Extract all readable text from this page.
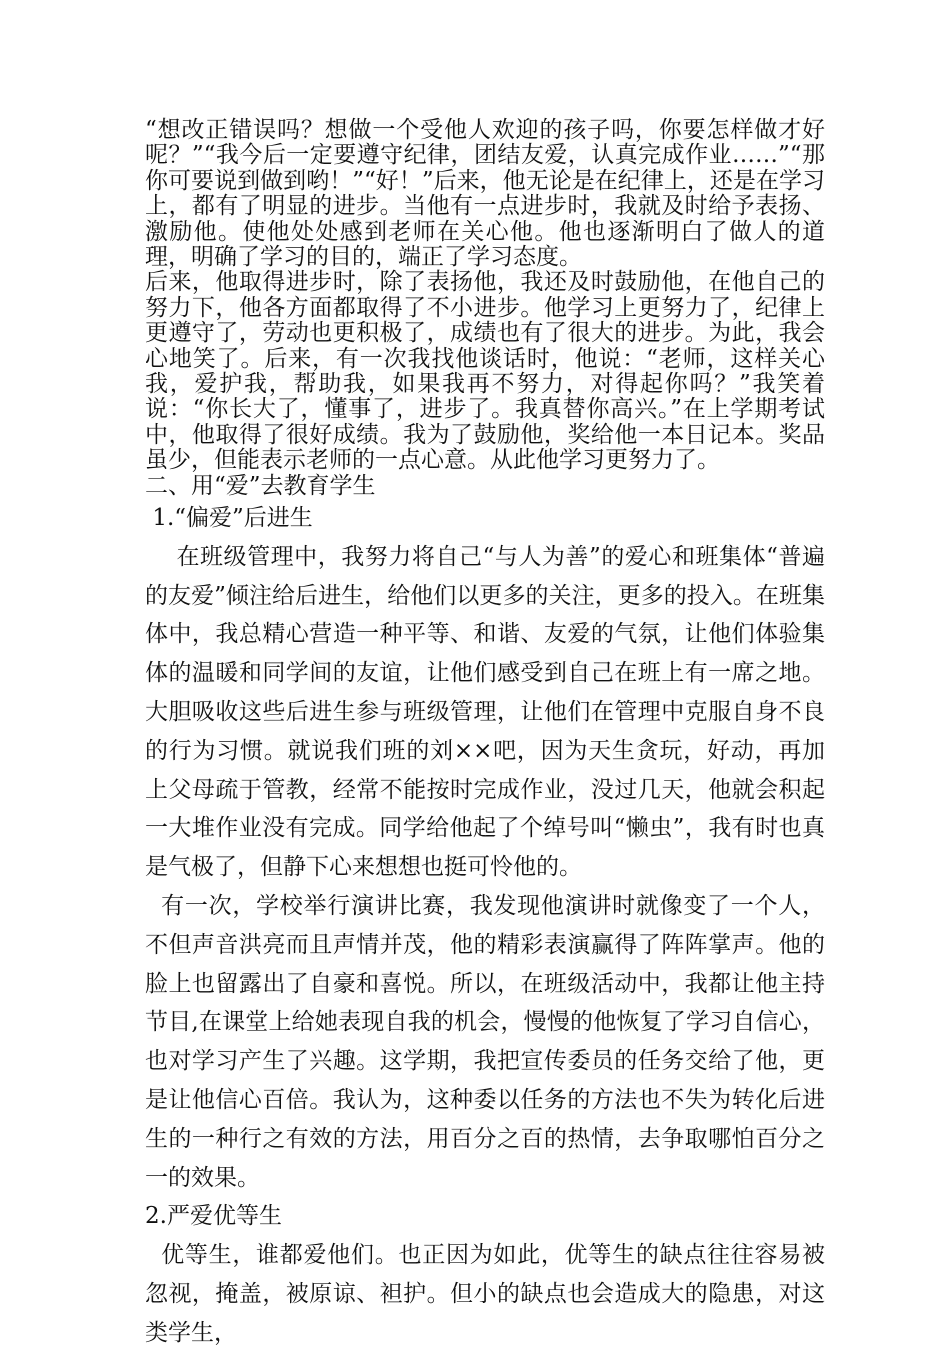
“想改正错误吗？想做一个受他人欢迎的孩子吗，你要怎样做才好呢？”“我今后一定要遵守纪律，团结友爱，认真完成作业……”“那你可要说到做到哟！”“好！”后来，他无论是在纪律上，还是在学习上，都有了明显的进步。当他有一点进步时，我就及时给予表扬、激励他。使他处处感到老师在关心他。他也逐渐明白了做人的道理，明确了学习的目的，端正了学习态度。

后来，他取得进步时，除了表扬他，我还及时鼓励他，在他自己的努力下，他各方面都取得了不小进步。他学习上更努力了，纪律上更遵守了，劳动也更积极了，成绩也有了很大的进步。为此，我会心地笑了。后来，有一次我找他谈话时，他说：“老师，这样关心我，爱护我，帮助我，如果我再不努力，对得起你吗？”我笑着说：“你长大了，懂事了，进步了。我真替你高兴。”在上学期考试中，他取得了很好成绩。我为了鼓励他，奖给他一本日记本。奖品虽少，但能表示老师的一点心意。从此他学习更努力了。

二、用“爱”去教育学生

1.“偏爱”后进生

在班级管理中，我努力将自己“与人为善”的爱心和班集体“普遍的友爱”倾注给后进生，给他们以更多的关注，更多的投入。在班集体中，我总精心营造一种平等、和谐、友爱的气氛，让他们体验集体的温暖和同学间的友谊，让他们感受到自己在班上有一席之地。大胆吸收这些后进生参与班级管理，让他们在管理中克服自身不良的行为习惯。就说我们班的刘××吧，因为天生贪玩，好动，再加上父母疏于管教，经常不能按时完成作业，没过几天，他就会积起一大堆作业没有完成。同学给他起了个绰号叫“懒虫”，我有时也真是气极了，但静下心来想想也挺可怜他的。

有一次，学校举行演讲比赛，我发现他演讲时就像变了一个人，不但声音洪亮而且声情并茂，他的精彩表演赢得了阵阵掌声。他的脸上也留露出了自豪和喜悦。所以，在班级活动中，我都让他主持节目,在课堂上给她表现自我的机会，慢慢的他恢复了学习自信心，也对学习产生了兴趣。这学期，我把宣传委员的任务交给了他，更是让他信心百倍。我认为，这种委以任务的方法也不失为转化后进生的一种行之有效的方法，用百分之百的热情，去争取哪怕百分之一的效果。

2.严爱优等生

优等生，谁都爱他们。也正因为如此，优等生的缺点往往容易被忽视，掩盖，被原谅、袒护。但小的缺点也会造成大的隐患，对这类学生，
